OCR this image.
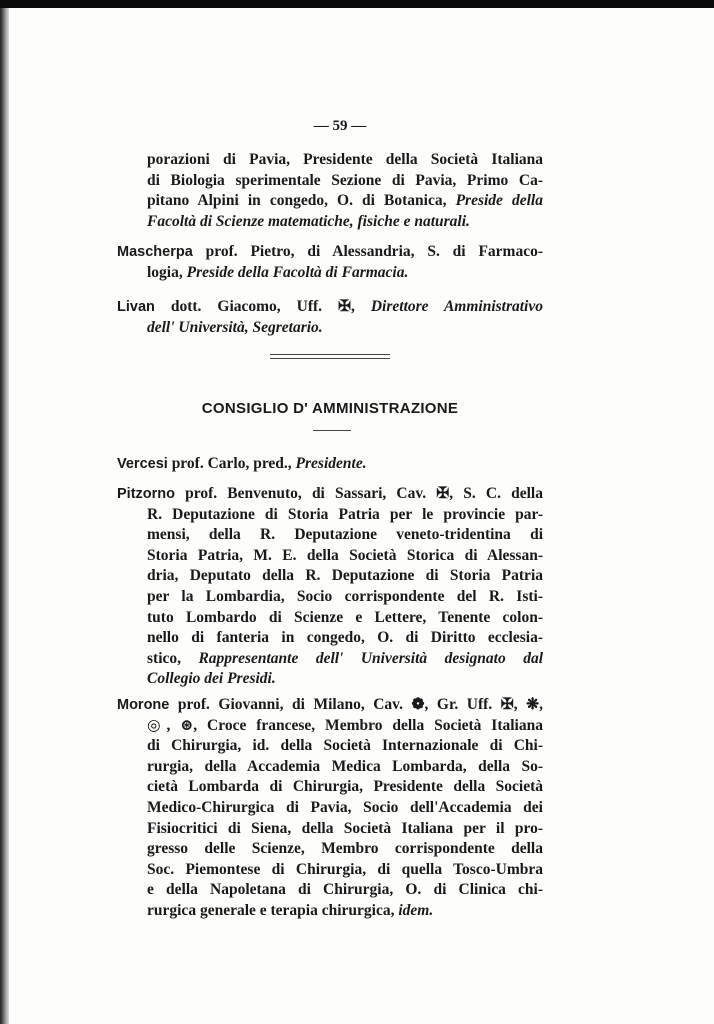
— 59 —
porazioni di Pavia, Presidente della Società Italiana
di Biologia sperimentale Sezione di Pavia, Primo Ca-
pitano Alpini in congedo, O. di Botanica, Preside della
Facoltà di Scienze matematiche, fisiche e naturali.
Mascherpa prof. Pietro, di Alessandria, S. di Farmaco-
logia, Preside della Facoltà di Farmacia.
Livan dott. Giacomo, Uff. ✠, Direttore Amministrativo
dell' Università, Segretario.
CONSIGLIO D' AMMINISTRAZIONE
Vercesi prof. Carlo, pred., Presidente.
Pitzorno prof. Benvenuto, di Sassari, Cav. ✠, S. C. della
R. Deputazione di Storia Patria per le provincie par-
mensi, della R. Deputazione veneto-tridentina di
Storia Patria, M. E. della Società Storica di Alessan-
dria, Deputato della R. Deputazione di Storia Patria
per la Lombardia, Socio corrispondente del R. Isti-
tuto Lombardo di Scienze e Lettere, Tenente colon-
nello di fanteria in congedo, O. di Diritto ecclesia-
stico, Rappresentante dell' Università designato dal
Collegio dei Presidi.
Morone prof. Giovanni, di Milano, Cav. ❁, Gr. Uff. ✠, ❋,
◎, ⊛, Croce francese, Membro della Società Italiana
di Chirurgia, id. della Società Internazionale di Chi-
rurgia, della Accademia Medica Lombarda, della So-
cietà Lombarda di Chirurgia, Presidente della Società
Medico-Chirurgica di Pavia, Socio dell'Accademia dei
Fisiocritici di Siena, della Società Italiana per il pro-
gresso delle Scienze, Membro corrispondente della
Soc. Piemontese di Chirurgia, di quella Tosco-Umbra
e della Napoletana di Chirurgia, O. di Clinica chi-
rurgica generale e terapia chirurgica, idem.
